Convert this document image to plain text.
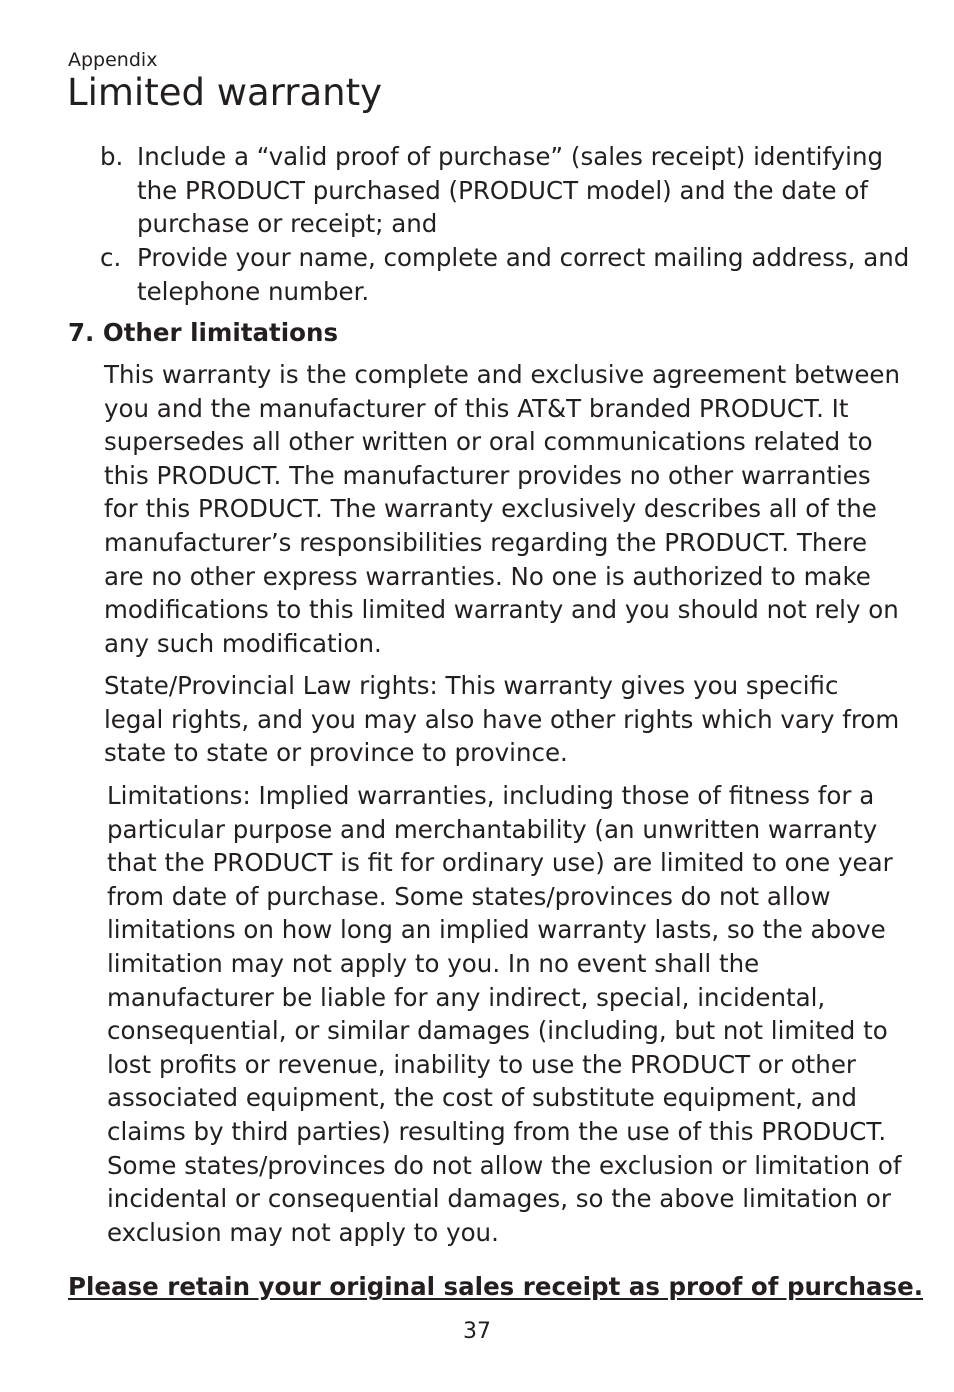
Appendix
Limited warranty
b. Include a “valid proof of purchase” (sales receipt) identifying the PRODUCT purchased (PRODUCT model) and the date of purchase or receipt; and
c. Provide your name, complete and correct mailing address, and telephone number.
7. Other limitations

This warranty is the complete and exclusive agreement between you and the manufacturer of this AT&T branded PRODUCT. It supersedes all other written or oral communications related to this PRODUCT. The manufacturer provides no other warranties for this PRODUCT. The warranty exclusively describes all of the manufacturer’s responsibilities regarding the PRODUCT. There are no other express warranties. No one is authorized to make modifications to this limited warranty and you should not rely on any such modification.

State/Provincial Law rights: This warranty gives you specific legal rights, and you may also have other rights which vary from state to state or province to province.

Limitations: Implied warranties, including those of fitness for a particular purpose and merchantability (an unwritten warranty that the PRODUCT is fit for ordinary use) are limited to one year from date of purchase. Some states/provinces do not allow limitations on how long an implied warranty lasts, so the above limitation may not apply to you. In no event shall the manufacturer be liable for any indirect, special, incidental, consequential, or similar damages (including, but not limited to lost profits or revenue, inability to use the PRODUCT or other associated equipment, the cost of substitute equipment, and claims by third parties) resulting from the use of this PRODUCT. Some states/provinces do not allow the exclusion or limitation of incidental or consequential damages, so the above limitation or exclusion may not apply to you.

Please retain your original sales receipt as proof of purchase.
37
